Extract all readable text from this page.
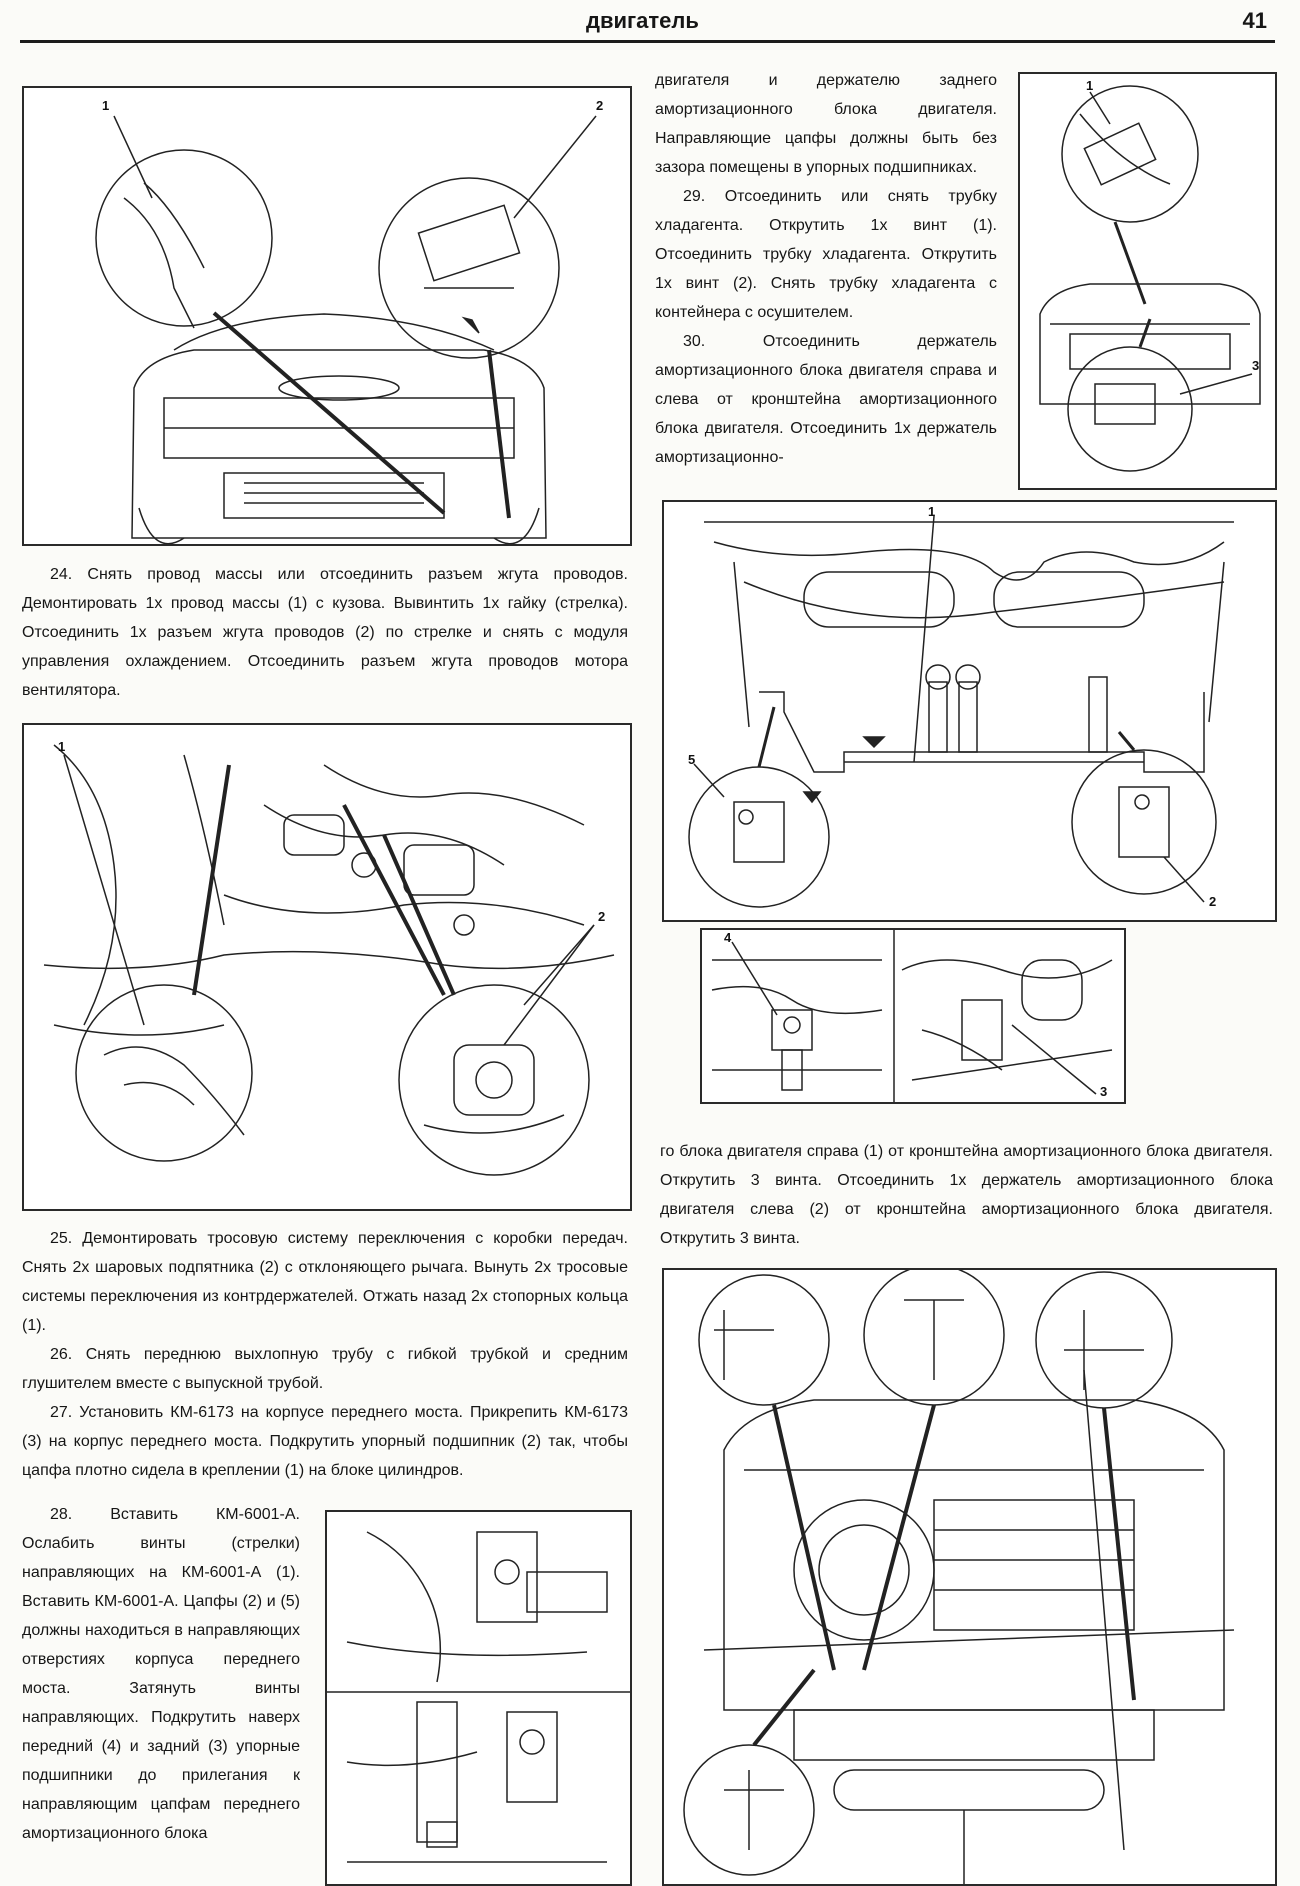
двигатель	41
1	2

двигателя и держателю заднего амортизационного блока двигателя. Направляющие цапфы должны быть без зазора помещены в упорных подшипниках.

29. Отсоединить или снять трубку хладагента. Открутить 1х винт (1). Отсоединить трубку хладагента. Открутить 1х винт (2). Снять трубку хладагента с контейнера с осушителем.

30. Отсоединить держатель амортизационного блока двигателя справа и слева от кронштейна амортизационного блока двигателя. Отсоединить 1х держатель амортизационно-

1
3

24. Снять провод массы или отсоединить разъем жгута проводов. Демонтировать 1х провод массы (1) с кузова. Вывинтить 1х гайку (стрелка). Отсоединить 1х разъем жгута проводов (2) по стрелке и снять с модуля управления охлаждением. Отсоединить разъем жгута проводов мотора вентилятора.

1
5
2
4
3
1
2

го блока двигателя справа (1) от кронштейна амортизационного блока двигателя. Открутить 3 винта. Отсоединить 1х держатель амортизационного блока двигателя слева (2) от кронштейна амортизационного блока двигателя. Открутить 3 винта.

25. Демонтировать тросовую систему переключения с коробки передач. Снять 2х шаровых подпятника (2) с отклоняющего рычага. Вынуть 2х тросовые системы переключения из контрдержателей. Отжать назад 2х стопорных кольца (1).

26. Снять переднюю выхлопную трубу с гибкой трубкой и средним глушителем вместе с выпускной трубой.

27. Установить КМ-6173 на корпусе переднего моста. Прикрепить КМ-6173 (3) на корпус переднего моста. Подкрутить упорный подшипник (2) так, чтобы цапфа плотно сидела в креплении (1) на блоке цилиндров.

28. Вставить КМ-6001-А. Ослабить винты (стрелки) направляющих на КМ-6001-А (1). Вставить КМ-6001-А. Цапфы (2) и (5) должны находиться в направляющих отверстиях корпуса переднего моста. Затянуть винты направляющих. Подкрутить наверх передний (4) и задний (3) упорные подшипники до прилегания к направляющим цапфам переднего амортизационного блока
